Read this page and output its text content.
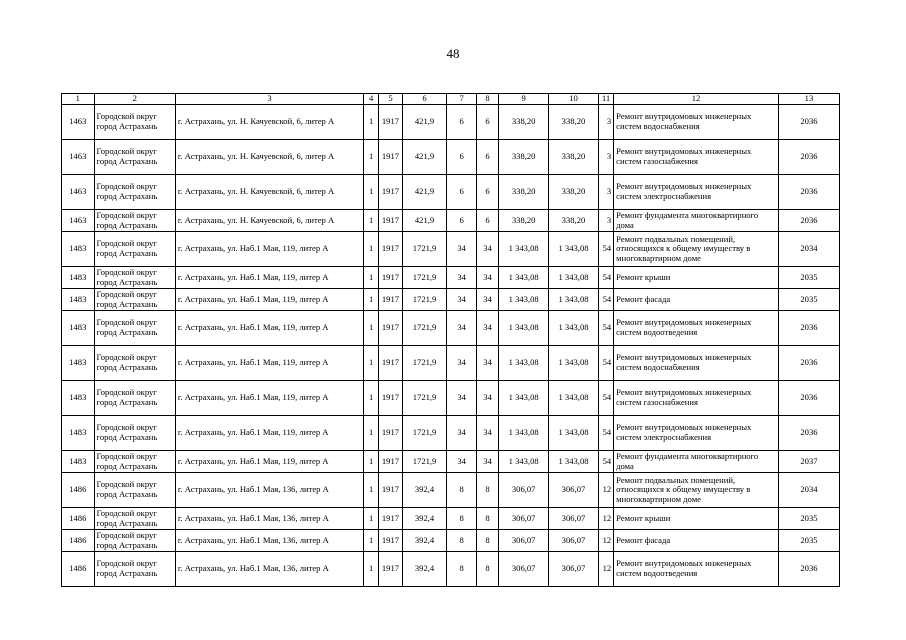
48
1	2	3	4	5	6	7	8	9	10	11	12	13
1463	Городской округ город Астрахань	г. Астрахань, ул. Н. Качуевской, 6, литер А	1	1917	421,9	6	6	338,20	338,20	3	Ремонт внутридомовых инженерных систем водоснабжения	2036
1463	Городской округ город Астрахань	г. Астрахань, ул. Н. Качуевской, 6, литер А	1	1917	421,9	6	6	338,20	338,20	3	Ремонт внутридомовых инженерных систем газоснабжения	2036
1463	Городской округ город Астрахань	г. Астрахань, ул. Н. Качуевской, 6, литер А	1	1917	421,9	6	6	338,20	338,20	3	Ремонт внутридомовых инженерных систем электроснабжения	2036
1463	Городской округ город Астрахань	г. Астрахань, ул. Н. Качуевской, 6, литер А	1	1917	421,9	6	6	338,20	338,20	3	Ремонт фундамента многоквартирного дома	2036
1483	Городской округ город Астрахань	г. Астрахань, ул. Наб.1 Мая, 119, литер А	1	1917	1721,9	34	34	1 343,08	1 343,08	54	Ремонт подвальных помещений, относящихся к общему имуществу в многоквартирном доме	2034
1483	Городской округ город Астрахань	г. Астрахань, ул. Наб.1 Мая, 119, литер А	1	1917	1721,9	34	34	1 343,08	1 343,08	54	Ремонт крыши	2035
1483	Городской округ город Астрахань	г. Астрахань, ул. Наб.1 Мая, 119, литер А	1	1917	1721,9	34	34	1 343,08	1 343,08	54	Ремонт фасада	2035
1483	Городской округ город Астрахань	г. Астрахань, ул. Наб.1 Мая, 119, литер А	1	1917	1721,9	34	34	1 343,08	1 343,08	54	Ремонт внутридомовых инженерных систем водоотведения	2036
1483	Городской округ город Астрахань	г. Астрахань, ул. Наб.1 Мая, 119, литер А	1	1917	1721,9	34	34	1 343,08	1 343,08	54	Ремонт внутридомовых инженерных систем водоснабжения	2036
1483	Городской округ город Астрахань	г. Астрахань, ул. Наб.1 Мая, 119, литер А	1	1917	1721,9	34	34	1 343,08	1 343,08	54	Ремонт внутридомовых инженерных систем газоснабжения	2036
1483	Городской округ город Астрахань	г. Астрахань, ул. Наб.1 Мая, 119, литер А	1	1917	1721,9	34	34	1 343,08	1 343,08	54	Ремонт внутридомовых инженерных систем электроснабжения	2036
1483	Городской округ город Астрахань	г. Астрахань, ул. Наб.1 Мая, 119, литер А	1	1917	1721,9	34	34	1 343,08	1 343,08	54	Ремонт фундамента многоквартирного дома	2037
1486	Городской округ город Астрахань	г. Астрахань, ул. Наб.1 Мая, 136, литер А	1	1917	392,4	8	8	306,07	306,07	12	Ремонт подвальных помещений, относящихся к общему имуществу в многоквартирном доме	2034
1486	Городской округ город Астрахань	г. Астрахань, ул. Наб.1 Мая, 136, литер А	1	1917	392,4	8	8	306,07	306,07	12	Ремонт крыши	2035
1486	Городской округ город Астрахань	г. Астрахань, ул. Наб.1 Мая, 136, литер А	1	1917	392,4	8	8	306,07	306,07	12	Ремонт фасада	2035
1486	Городской округ город Астрахань	г. Астрахань, ул. Наб.1 Мая, 136, литер А	1	1917	392,4	8	8	306,07	306,07	12	Ремонт внутридомовых инженерных систем водоотведения	2036
